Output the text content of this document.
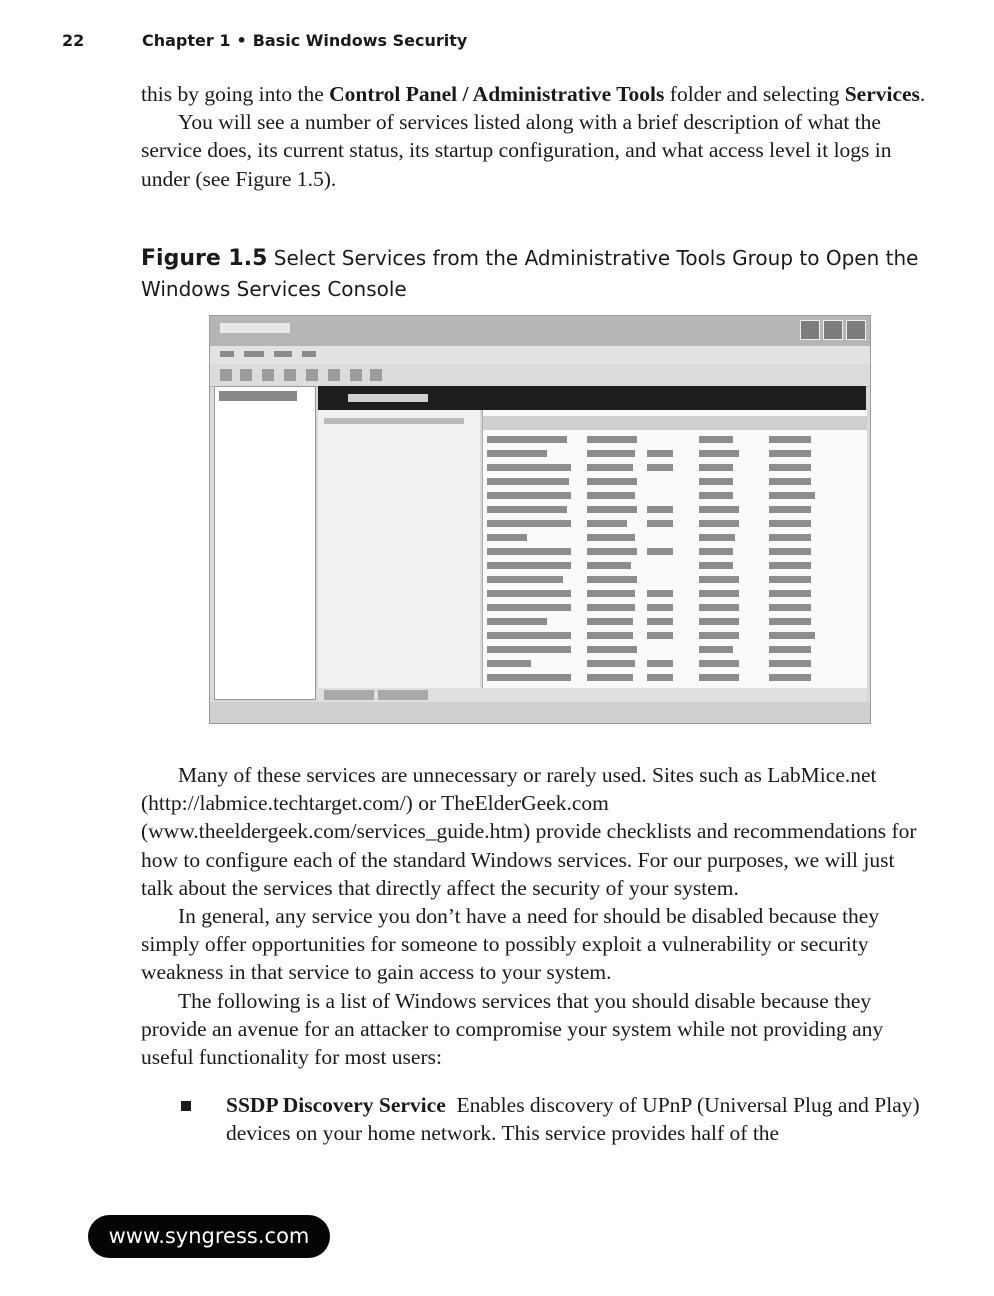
22	Chapter 1 • Basic Windows Security

this by going into the Control Panel / Administrative Tools folder and selecting Services.

You will see a number of services listed along with a brief description of what the service does, its current status, its startup configuration, and what access level it logs in under (see Figure 1.5).

Figure 1.5 Select Services from the Administrative Tools Group to Open the Windows Services Console

Many of these services are unnecessary or rarely used. Sites such as LabMice.net (http://labmice.techtarget.com/) or TheElderGeek.com (www.theeldergeek.com/services_guide.htm) provide checklists and recommendations for how to configure each of the standard Windows services. For our purposes, we will just talk about the services that directly affect the security of your system.

In general, any service you don’t have a need for should be disabled because they simply offer opportunities for someone to possibly exploit a vulnerability or security weakness in that service to gain access to your system.

The following is a list of Windows services that you should disable because they provide an avenue for an attacker to compromise your system while not providing any useful functionality for most users:

SSDP Discovery Service Enables discovery of UPnP (Universal Plug and Play) devices on your home network. This service provides half of the
www.syngress.com
